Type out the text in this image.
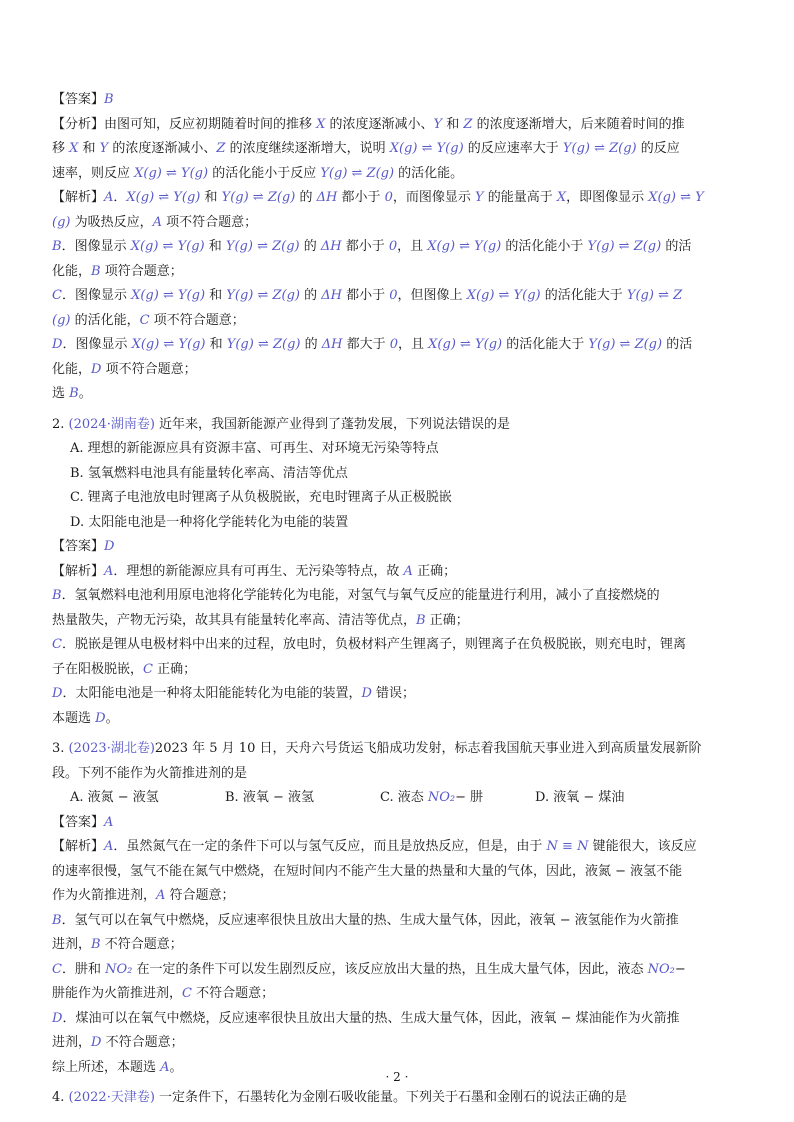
【答案】B
【分析】由图可知，反应初期随着时间的推移 X 的浓度逐渐减小、Y 和 Z 的浓度逐渐增大，后来随着时间的推
移 X 和 Y 的浓度逐渐减小、Z 的浓度继续逐渐增大，说明 X(g) ⇌ Y(g) 的反应速率大于 Y(g) ⇌ Z(g) 的反应
速率，则反应 X(g) ⇌ Y(g) 的活化能小于反应 Y(g) ⇌ Z(g) 的活化能。
【解析】A．X(g) ⇌ Y(g) 和 Y(g) ⇌ Z(g) 的 ΔH 都小于 0，而图像显示 Y 的能量高于 X，即图像显示 X(g) ⇌ Y
(g) 为吸热反应，A 项不符合题意；
B．图像显示 X(g) ⇌ Y(g) 和 Y(g) ⇌ Z(g) 的 ΔH 都小于 0，且 X(g) ⇌ Y(g) 的活化能小于 Y(g) ⇌ Z(g) 的活
化能，B 项符合题意；
C．图像显示 X(g) ⇌ Y(g) 和 Y(g) ⇌ Z(g) 的 ΔH 都小于 0，但图像上 X(g) ⇌ Y(g) 的活化能大于 Y(g) ⇌ Z
(g) 的活化能，C 项不符合题意；
D．图像显示 X(g) ⇌ Y(g) 和 Y(g) ⇌ Z(g) 的 ΔH 都大于 0，且 X(g) ⇌ Y(g) 的活化能大于 Y(g) ⇌ Z(g) 的活
化能，D 项不符合题意；
选 B。
2. (2024·湖南卷) 近年来，我国新能源产业得到了蓬勃发展，下列说法错误的是
A. 理想的新能源应具有资源丰富、可再生、对环境无污染等特点
B. 氢氧燃料电池具有能量转化率高、清洁等优点
C. 锂离子电池放电时锂离子从负极脱嵌，充电时锂离子从正极脱嵌
D. 太阳能电池是一种将化学能转化为电能的装置
【答案】D
【解析】A．理想的新能源应具有可再生、无污染等特点，故 A 正确；
B．氢氧燃料电池利用原电池将化学能转化为电能，对氢气与氧气反应的能量进行利用，减小了直接燃烧的
热量散失，产物无污染，故其具有能量转化率高、清洁等优点，B 正确；
C．脱嵌是锂从电极材料中出来的过程，放电时，负极材料产生锂离子，则锂离子在负极脱嵌，则充电时，锂离
子在阳极脱嵌，C 正确；
D．太阳能电池是一种将太阳能能转化为电能的装置，D 错误；
本题选 D。
3. (2023·湖北卷)2023 年 5 月 10 日，天舟六号货运飞船成功发射，标志着我国航天事业进入到高质量发展新阶
段。下列不能作为火箭推进剂的是
A. 液氮 − 液氢	B. 液氧 − 液氢	C. 液态 NO₂− 肼	D. 液氧 − 煤油
【答案】A
【解析】A．虽然氮气在一定的条件下可以与氢气反应，而且是放热反应，但是，由于 N ≡ N 键能很大，该反应
的速率很慢，氢气不能在氮气中燃烧，在短时间内不能产生大量的热量和大量的气体，因此，液氮 − 液氢不能
作为火箭推进剂，A 符合题意；
B．氢气可以在氧气中燃烧，反应速率很快且放出大量的热、生成大量气体，因此，液氧 − 液氢能作为火箭推
进剂，B 不符合题意；
C．肼和 NO₂ 在一定的条件下可以发生剧烈反应，该反应放出大量的热，且生成大量气体，因此，液态 NO₂−
肼能作为火箭推进剂，C 不符合题意；
D．煤油可以在氧气中燃烧，反应速率很快且放出大量的热、生成大量气体，因此，液氧 − 煤油能作为火箭推
进剂，D 不符合题意；
综上所述，本题选 A。
4. (2022·天津卷) 一定条件下，石墨转化为金刚石吸收能量。下列关于石墨和金刚石的说法正确的是
· 2 ·
